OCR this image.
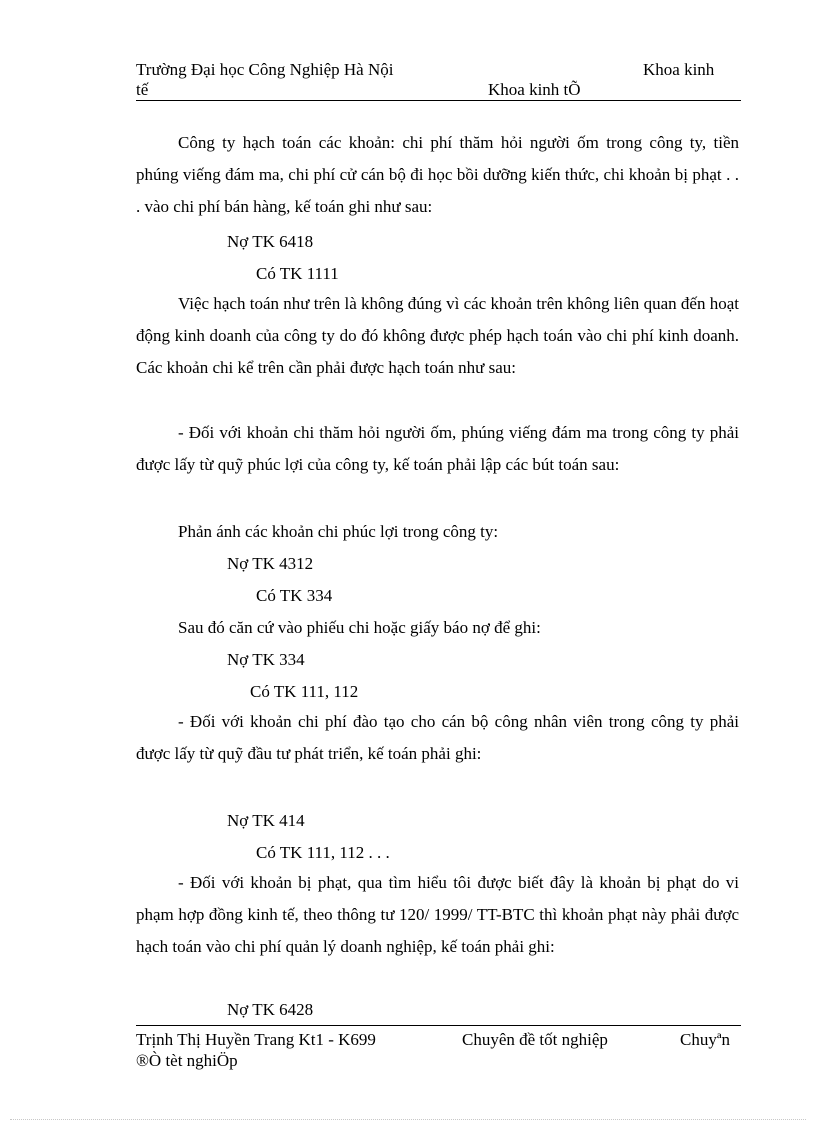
Trường Đại học Công Nghiệp Hà Nội	Khoa kinh
tế	Khoa kinh tÕ
Công ty hạch toán các khoản: chi phí thăm hỏi người ốm trong công ty, tiền phúng viếng đám ma, chi phí cử cán bộ đi học bồi dưỡng kiến thức, chi khoản bị phạt . . . vào chi phí bán hàng, kế toán ghi như sau:
Nợ TK 6418
Có TK 1111
Việc hạch toán như trên là không đúng vì các khoản trên không liên quan đến hoạt động kinh doanh của công ty do đó không được phép hạch toán vào chi phí kinh doanh. Các khoản chi kể trên cần phải được hạch toán như sau:
- Đối với khoản chi thăm hỏi người ốm, phúng viếng đám ma trong công ty phải được lấy từ quỹ phúc lợi của công ty, kế toán phải lập các bút toán sau:
Phản ánh các khoản chi phúc lợi trong công ty:
Nợ TK 4312
Có TK 334
Sau đó căn cứ vào phiếu chi hoặc giấy báo nợ để ghi:
Nợ TK 334
Có TK 111, 112
- Đối với khoản chi phí đào tạo cho cán bộ công nhân viên trong công ty phải được lấy từ quỹ đầu tư phát triển, kế toán phải ghi:
Nợ TK 414
Có TK 111, 112 . . .
- Đối với khoản bị phạt, qua tìm hiểu tôi được biết đây là khoản bị phạt do vi phạm hợp đồng kinh tế, theo thông tư 120/ 1999/ TT-BTC thì khoản phạt này phải được hạch toán vào chi phí quản lý doanh nghiệp, kế toán phải ghi:
Nợ TK 6428
Trịnh Thị Huyền Trang Kt1 - K699	Chuyên đề tốt nghiệp	Chuyªn
®Ò tèt nghiÖp
